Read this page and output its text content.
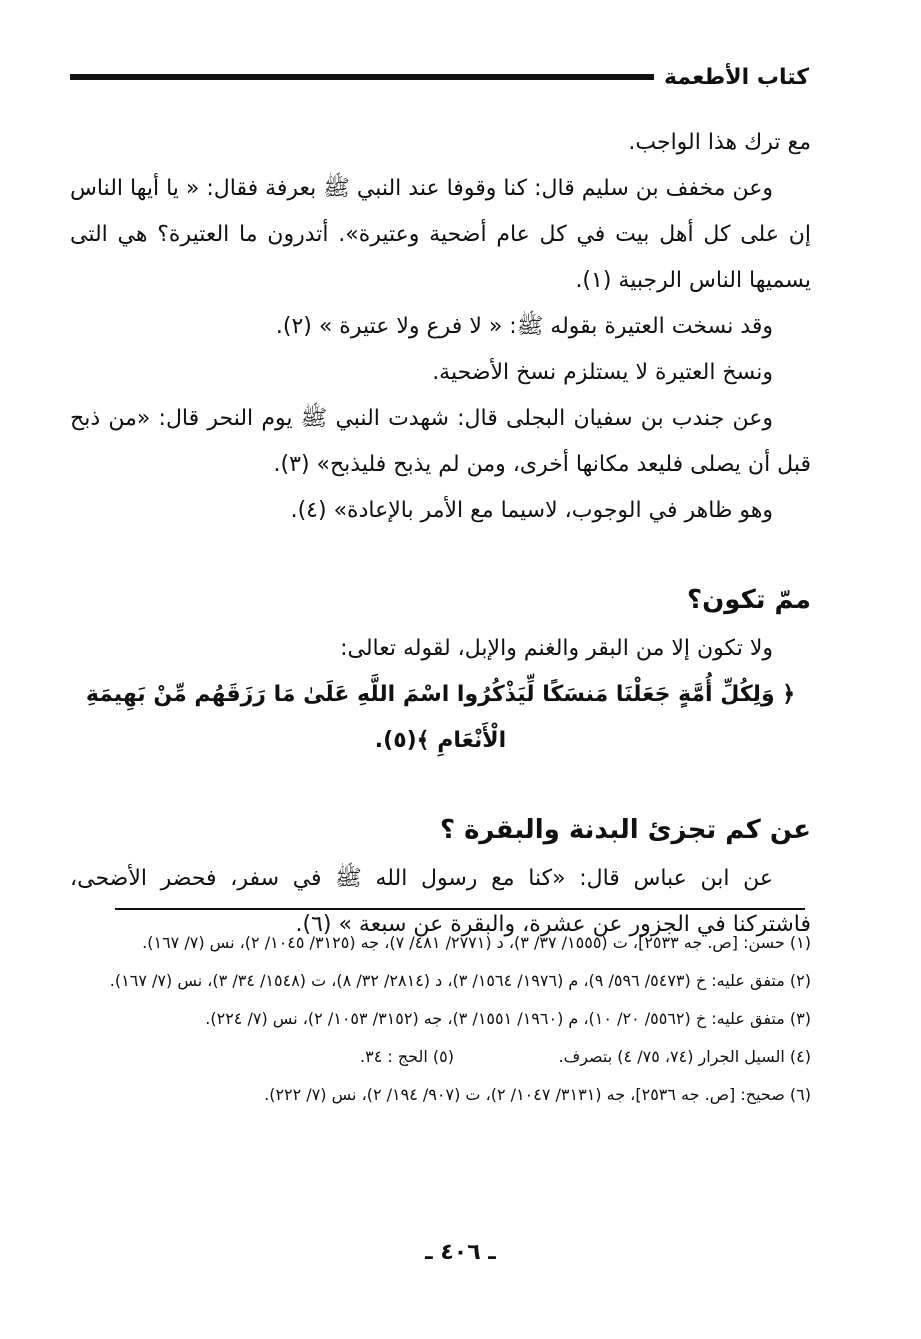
كتاب الأطعمة

مع ترك هذا الواجب.

وعن مخفف بن سليم قال: كنا وقوفا عند النبي ﷺ بعرفة فقال: « يا أيها الناس إن على كل أهل بيت في كل عام أضحية وعتيرة». أتدرون ما العتيرة؟ هي التى يسميها الناس الرجبية (١).

وقد نسخت العتيرة بقوله ﷺ: « لا فرع ولا عتيرة » (٢).

ونسخ العتيرة لا يستلزم نسخ الأضحية.

وعن جندب بن سفيان البجلى قال: شهدت النبي ﷺ يوم النحر قال: «من ذبح قبل أن يصلى فليعد مكانها أخرى، ومن لم يذبح فليذبح» (٣).

وهو ظاهر في الوجوب، لاسيما مع الأمر بالإعادة» (٤).

ممّ تكون؟

ولا تكون إلا من البقر والغنم والإبل، لقوله تعالى:

﴿ وَلِكُلِّ أُمَّةٍ جَعَلْنَا مَنسَكًا لِّيَذْكُرُوا اسْمَ اللَّهِ عَلَىٰ مَا رَزَقَهُم مِّنْ بَهِيمَةِ الْأَنْعَامِ ﴾(٥).

عن كم تجزئ البدنة والبقرة ؟

عن ابن عباس قال: «كنا مع رسول الله ﷺ في سفر، فحضر الأضحى، فاشتركنا في الجزور عن عشرة، والبقرة عن سبعة » (٦).

(١) حسن: [ص. جه ٢٥٣٣]، ت (١٥٥٥/ ٣٧/ ٣)، د (٢٧٧١/ ٤٨١/ ٧)، جه (٣١٢٥/ ١٠٤٥/ ٢)، نس (٧/ ١٦٧).

(٢) متفق عليه: خ (٥٤٧٣/ ٥٩٦/ ٩)، م (١٩٧٦/ ١٥٦٤/ ٣)، د (٢٨١٤/ ٣٢/ ٨)، ت (١٥٤٨/ ٣٤/ ٣)، نس (٧/ ١٦٧).

(٣) متفق عليه: خ (٥٥٦٢/ ٢٠/ ١٠)، م (١٩٦٠/ ١٥٥١/ ٣)، جه (٣١٥٢/ ١٠٥٣/ ٢)، نس (٧/ ٢٢٤).

(٤) السيل الجرار (٧٤، ٧٥/ ٤) بتصرف.
(٥) الحج : ٣٤.

(٦) صحيح: [ص. جه ٢٥٣٦]، جه (٣١٣١/ ١٠٤٧/ ٢)، ت (٩٠٧/ ١٩٤/ ٢)، نس (٧/ ٢٢٢).

ـ ٤٠٦ ـ
